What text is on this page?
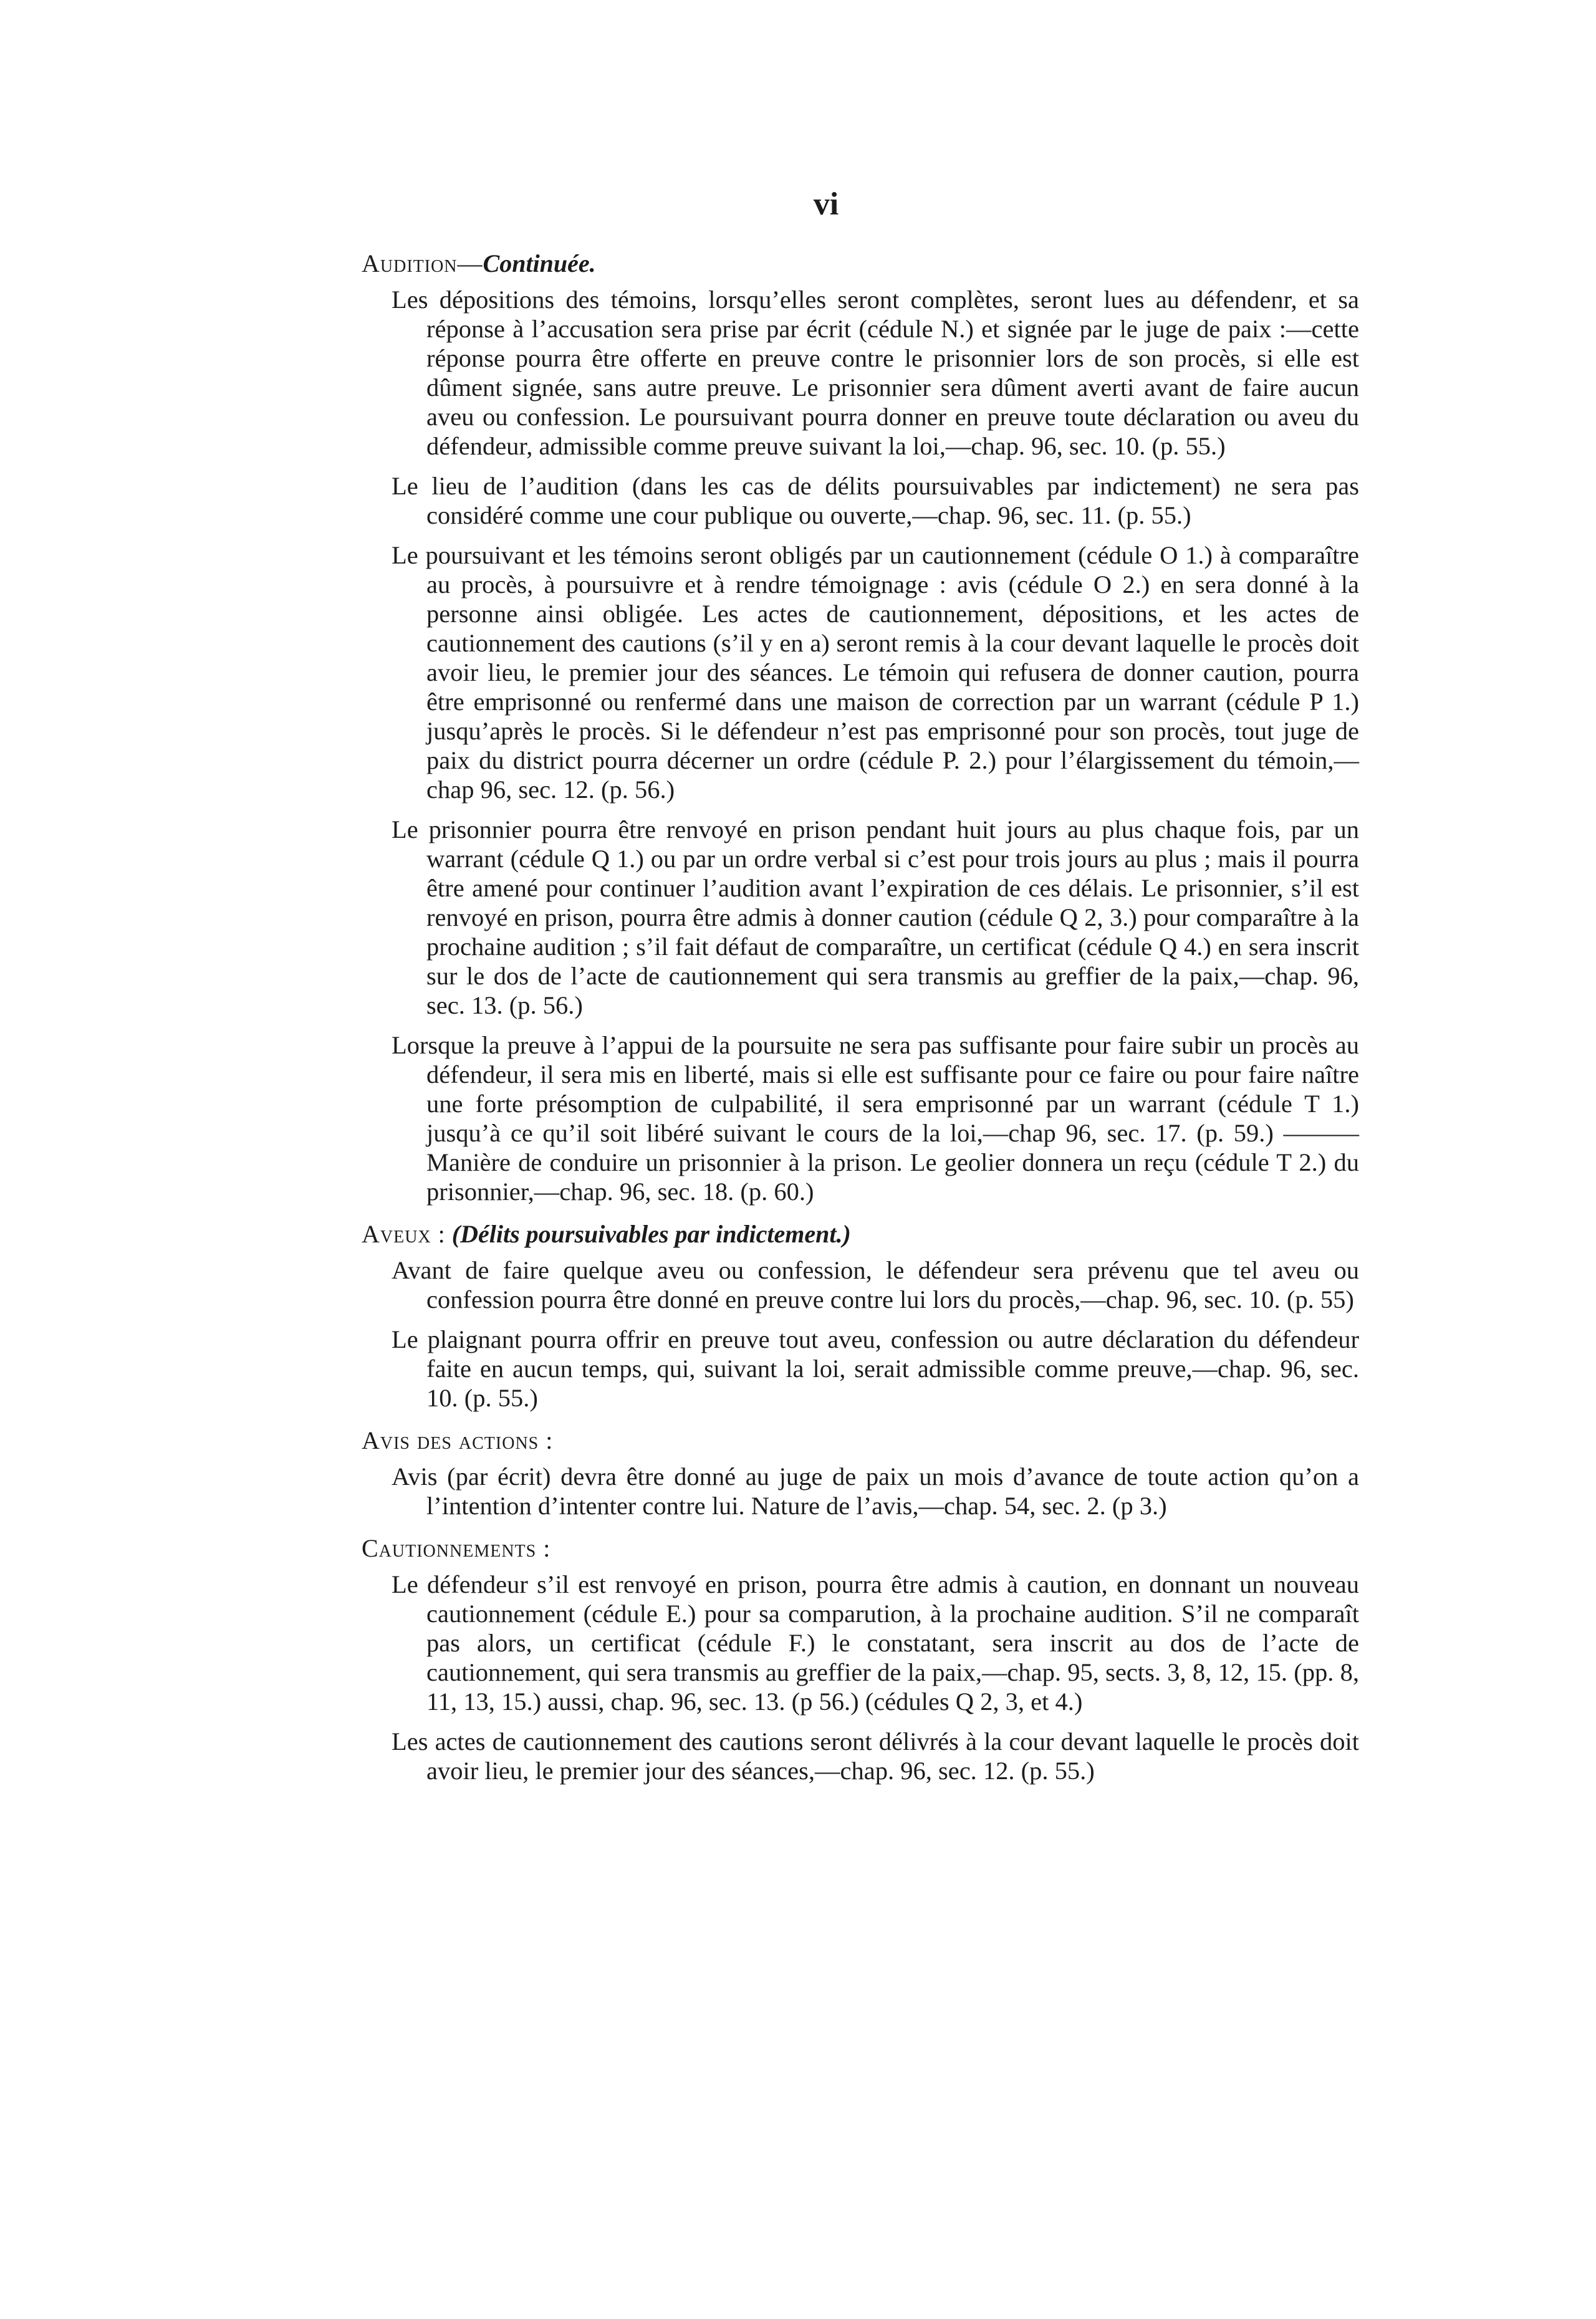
vi
Audition—Continuée.

Les dépositions des témoins, lorsqu’elles seront complètes, seront lues au défendenr, et sa réponse à l’accusation sera prise par écrit (cédule N.) et signée par le juge de paix :—cette réponse pourra être offerte en preuve contre le prisonnier lors de son procès, si elle est dûment signée, sans autre preuve. Le prisonnier sera dûment averti avant de faire aucun aveu ou confession. Le poursuivant pourra donner en preuve toute déclaration ou aveu du défendeur, admissible comme preuve suivant la loi,—chap. 96, sec. 10. (p. 55.)

Le lieu de l’audition (dans les cas de délits poursuivables par indictement) ne sera pas considéré comme une cour publique ou ouverte,—chap. 96, sec. 11. (p. 55.)

Le poursuivant et les témoins seront obligés par un cautionnement (cédule O 1.) à comparaître au procès, à poursuivre et à rendre témoignage : avis (cédule O 2.) en sera donné à la personne ainsi obligée. Les actes de cautionnement, dépositions, et les actes de cautionnement des cautions (s’il y en a) seront remis à la cour devant laquelle le procès doit avoir lieu, le premier jour des séances. Le témoin qui refusera de donner caution, pourra être emprisonné ou renfermé dans une maison de correction par un warrant (cédule P 1.) jusqu’après le procès. Si le défendeur n’est pas emprisonné pour son procès, tout juge de paix du district pourra décerner un ordre (cédule P. 2.) pour l’élargissement du témoin,—chap 96, sec. 12. (p. 56.)

Le prisonnier pourra être renvoyé en prison pendant huit jours au plus chaque fois, par un warrant (cédule Q 1.) ou par un ordre verbal si c’est pour trois jours au plus ; mais il pourra être amené pour continuer l’audition avant l’expiration de ces délais. Le prisonnier, s’il est renvoyé en prison, pourra être admis à donner caution (cédule Q 2, 3.) pour comparaître à la prochaine audition ; s’il fait défaut de comparaître, un certificat (cédule Q 4.) en sera inscrit sur le dos de l’acte de cautionnement qui sera transmis au greffier de la paix,—chap. 96, sec. 13. (p. 56.)

Lorsque la preuve à l’appui de la poursuite ne sera pas suffisante pour faire subir un procès au défendeur, il sera mis en liberté, mais si elle est suffisante pour ce faire ou pour faire naître une forte présomption de culpabilité, il sera emprisonné par un warrant (cédule T 1.) jusqu’à ce qu’il soit libéré suivant le cours de la loi,—chap 96, sec. 17. (p. 59.) ———Manière de conduire un prisonnier à la prison. Le geolier donnera un reçu (cédule T 2.) du prisonnier,—chap. 96, sec. 18. (p. 60.)

Aveux : (Délits poursuivables par indictement.)

Avant de faire quelque aveu ou confession, le défendeur sera prévenu que tel aveu ou confession pourra être donné en preuve contre lui lors du procès,—chap. 96, sec. 10. (p. 55)

Le plaignant pourra offrir en preuve tout aveu, confession ou autre déclaration du défendeur faite en aucun temps, qui, suivant la loi, serait admissible comme preuve,—chap. 96, sec. 10. (p. 55.)

Avis des actions :

Avis (par écrit) devra être donné au juge de paix un mois d’avance de toute action qu’on a l’intention d’intenter contre lui. Nature de l’avis,—chap. 54, sec. 2. (p 3.)

Cautionnements :

Le défendeur s’il est renvoyé en prison, pourra être admis à caution, en donnant un nouveau cautionnement (cédule E.) pour sa comparution, à la prochaine audition. S’il ne comparaît pas alors, un certificat (cédule F.) le constatant, sera inscrit au dos de l’acte de cautionnement, qui sera transmis au greffier de la paix,—chap. 95, sects. 3, 8, 12, 15. (pp. 8, 11, 13, 15.) aussi, chap. 96, sec. 13. (p 56.) (cédules Q 2, 3, et 4.)

Les actes de cautionnement des cautions seront délivrés à la cour devant laquelle le procès doit avoir lieu, le premier jour des séances,—chap. 96, sec. 12. (p. 55.)
